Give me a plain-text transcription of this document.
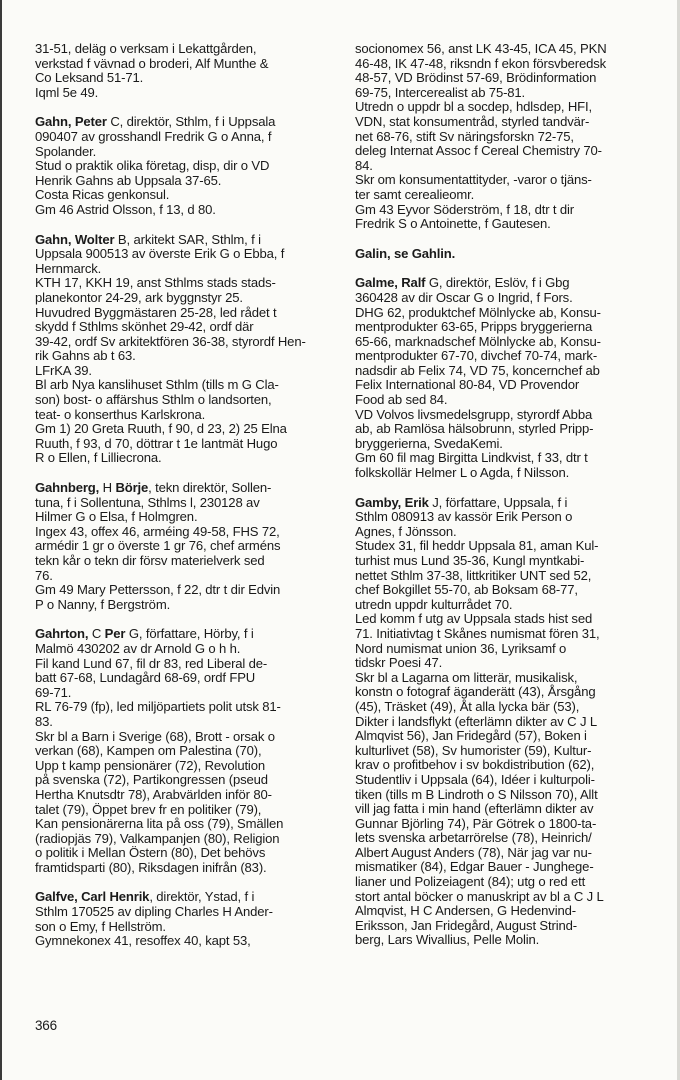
31-51, deläg o verksam i Lekattgården,
verkstad f vävnad o broderi, Alf Munthe &
Co Leksand 51-71.
Iqml 5e 49.

Gahn, Peter C, direktör, Sthlm, f i Uppsala
090407 av grosshandl Fredrik G o Anna, f
Spolander.
Stud o praktik olika företag, disp, dir o VD
Henrik Gahns ab Uppsala 37-65.
Costa Ricas genkonsul.
Gm 46 Astrid Olsson, f 13, d 80.

Gahn, Wolter B, arkitekt SAR, Sthlm, f i
Uppsala 900513 av överste Erik G o Ebba, f
Hernmarck.
KTH 17, KKH 19, anst Sthlms stads stads-
planekontor 24-29, ark byggnstyr 25.
Huvudred Byggmästaren 25-28, led rådet t
skydd f Sthlms skönhet 29-42, ordf där
39-42, ordf Sv arkitektfören 36-38, styrordf Hen-
rik Gahns ab t 63.
LFrKA 39.
Bl arb Nya kanslihuset Sthlm (tills m G Cla-
son) bost- o affärshus Sthlm o landsorten,
teat- o konserthus Karlskrona.
Gm 1) 20 Greta Ruuth, f 90, d 23, 2) 25 Elna
Ruuth, f 93, d 70, döttrar t 1e lantmät Hugo
R o Ellen, f Lilliecrona.

Gahnberg, H Börje, tekn direktör, Sollen-
tuna, f i Sollentuna, Sthlms l, 230128 av
Hilmer G o Elsa, f Holmgren.
Ingex 43, offex 46, arméing 49-58, FHS 72,
armédir 1 gr o överste 1 gr 76, chef arméns
tekn kår o tekn dir försv materielverk sed
76.
Gm 49 Mary Pettersson, f 22, dtr t dir Edvin
P o Nanny, f Bergström.

Gahrton, C Per G, författare, Hörby, f i
Malmö 430202 av dr Arnold G o h h.
Fil kand Lund 67, fil dr 83, red Liberal de-
batt 67-68, Lundagård 68-69, ordf FPU
69-71.
RL 76-79 (fp), led miljöpartiets polit utsk 81-
83.
Skr bl a Barn i Sverige (68), Brott - orsak o
verkan (68), Kampen om Palestina (70),
Upp t kamp pensionärer (72), Revolution
på svenska (72), Partikongressen (pseud
Hertha Knutsdtr 78), Arabvärlden inför 80-
talet (79), Öppet brev fr en politiker (79),
Kan pensionärerna lita på oss (79), Smällen
(radiopjäs 79), Valkampanjen (80), Religion
o politik i Mellan Östern (80), Det behövs
framtidsparti (80), Riksdagen inifrån (83).

Galfve, Carl Henrik, direktör, Ystad, f i
Sthlm 170525 av dipling Charles H Ander-
son o Emy, f Hellström.
Gymnekonex 41, resoffex 40, kapt 53,

socionomex 56, anst LK 43-45, ICA 45, PKN
46-48, IK 47-48, riksndn f ekon försvberedsk
48-57, VD Brödinst 57-69, Brödinformation
69-75, Intercerealist ab 75-81.
Utredn o uppdr bl a socdep, hdlsdep, HFI,
VDN, stat konsumentråd, styrled tandvär-
net 68-76, stift Sv näringsforskn 72-75,
deleg Internat Assoc f Cereal Chemistry 70-
84.
Skr om konsumentattityder, -varor o tjäns-
ter samt cerealieomr.
Gm 43 Eyvor Söderström, f 18, dtr t dir
Fredrik S o Antoinette, f Gautesen.

Galin, se Gahlin.

Galme, Ralf G, direktör, Eslöv, f i Gbg
360428 av dir Oscar G o Ingrid, f Fors.
DHG 62, produktchef Mölnlycke ab, Konsu-
mentprodukter 63-65, Pripps bryggerierna
65-66, marknadschef Mölnlycke ab, Konsu-
mentprodukter 67-70, divchef 70-74, mark-
nadsdir ab Felix 74, VD 75, koncernchef ab
Felix International 80-84, VD Provendor
Food ab sed 84.
VD Volvos livsmedelsgrupp, styrordf Abba
ab, ab Ramlösa hälsobrunn, styrled Pripp-
bryggerierna, SvedaKemi.
Gm 60 fil mag Birgitta Lindkvist, f 33, dtr t
folkskollär Helmer L o Agda, f Nilsson.

Gamby, Erik J, författare, Uppsala, f i
Sthlm 080913 av kassör Erik Person o
Agnes, f Jönsson.
Studex 31, fil heddr Uppsala 81, aman Kul-
turhist mus Lund 35-36, Kungl myntkabi-
nettet Sthlm 37-38, littkritiker UNT sed 52,
chef Bokgillet 55-70, ab Boksam 68-77,
utredn uppdr kulturrådet 70.
Led komm f utg av Uppsala stads hist sed
71. Initiativtag t Skånes numismat fören 31,
Nord numismat union 36, Lyriksamf o
tidskr Poesi 47.
Skr bl a Lagarna om litterär, musikalisk,
konstn o fotograf äganderätt (43), Årsgång
(45), Träsket (49), Åt alla lycka bär (53),
Dikter i landsflykt (efterlämn dikter av C J L
Almqvist 56), Jan Fridegård (57), Boken i
kulturlivet (58), Sv humorister (59), Kultur-
krav o profitbehov i sv bokdistribution (62),
Studentliv i Uppsala (64), Idéer i kulturpoli-
tiken (tills m B Lindroth o S Nilsson 70), Allt
vill jag fatta i min hand (efterlämn dikter av
Gunnar Björling 74), Pär Götrek o 1800-ta-
lets svenska arbetarrörelse (78), Heinrich/
Albert August Anders (78), När jag var nu-
mismatiker (84), Edgar Bauer - Junghege-
lianer und Polizeiagent (84); utg o red ett
stort antal böcker o manuskript av bl a C J L
Almqvist, H C Andersen, G Hedenvind-
Eriksson, Jan Fridegård, August Strind-
berg, Lars Wivallius, Pelle Molin.

366
